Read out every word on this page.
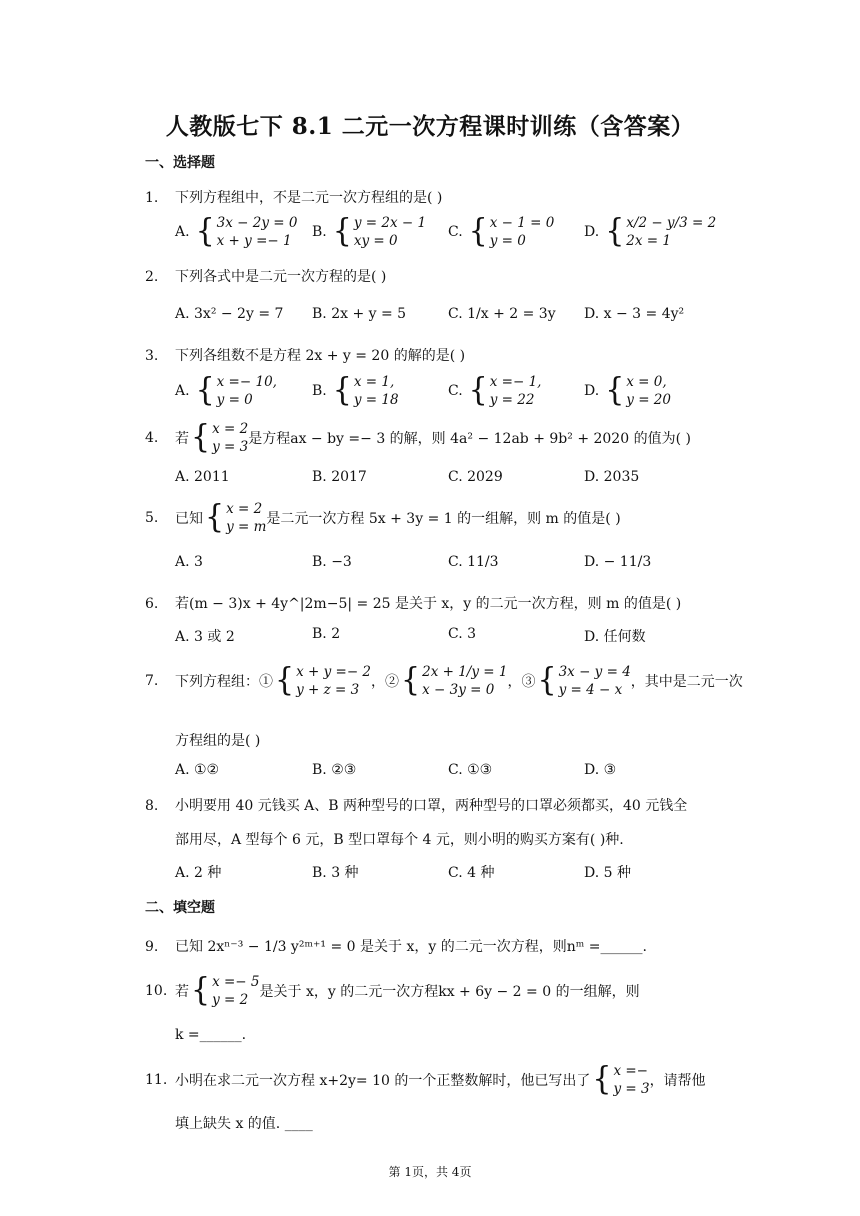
人教版七下 8.1 二元一次方程课时训练（含答案）
一、选择题
1. 下列方程组中，不是二元一次方程组的是( )
A. { 3x − 2y = 0
x + y =− 1
B. { y = 2x − 1
xy = 0
C. { x − 1 = 0
y = 0
D. { x/2 − y/3 = 2
2x = 1
2. 下列各式中是二元一次方程的是( )
A. 3x² − 2y = 7 B. 2x + y = 5	C. 1/x + 2 = 3y D. x − 3 = 4y²
3. 下列各组数不是方程 2x + y = 20 的解的是( )
A. { x =− 10,
y = 0
B. { x = 1,
y = 18
C. { x =− 1,
y = 22
D. { x = 0,
y = 20
4.	若 { x = 2
y = 3 是方程ax − by =− 3 的解，则 4a² − 12ab + 9b² + 2020 的值为( )
A. 2011	B. 2017	C. 2029	D. 2035
5.	已知 { x = 2
y = m 是二元一次方程 5x + 3y = 1 的一组解，则 m 的值是( )
A. 3	B. −3	C. 11/3	D. − 11/3
6. 若(m − 3)x + 4y^|2m−5| = 25 是关于 x，y 的二元一次方程，则 m 的值是( )
A. 3 或 2	B. 2	C. 3	D. 任何数
7.	下列方程组：① { x + y =− 2
y + z = 3 ，② { 2x + 1/y = 1
x − 3y = 0 ，③ { 3x − y = 4
y = 4 − x ，其中是二元一次
方程组的是( )
A. ①②	B. ②③	C. ①③	D. ③
8. 小明要用 40 元钱买 A、B 两种型号的口罩，两种型号的口罩必须都买，40 元钱全
部用尽，A 型每个 6 元，B 型口罩每个 4 元，则小明的购买方案有( )种.
A. 2 种	B. 3 种	C. 4 种	D. 5 种
二、填空题
9. 已知 2xⁿ⁻³ − 1/3 y²ᵐ⁺¹ = 0 是关于 x，y 的二元一次方程，则nᵐ =______.
10. 若 { x =− 5
y = 2 是关于 x，y 的二元一次方程kx + 6y − 2 = 0 的一组解，则
k =______.
11. 小明在求二元一次方程 x+2y= 10 的一个正整数解时，他已写出了 { x =−
y = 3 ，请帮他
填上缺失 x 的值. ____
第 1页，共 4页
